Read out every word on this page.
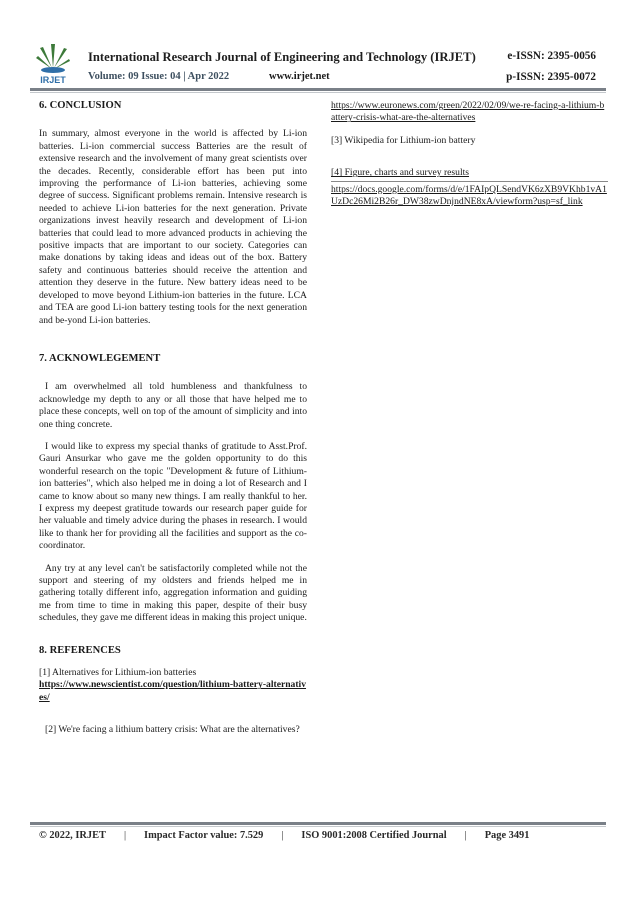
IRJET
International Research Journal of Engineering and Technology (IRJET)	e-ISSN: 2395-0056
Volume: 09 Issue: 04 | Apr 2022	www.irjet.net	p-ISSN: 2395-0072
6. CONCLUSION

In summary, almost everyone in the world is affected by Li-ion batteries. Li-ion commercial success Batteries are the result of extensive research and the involvement of many great scientists over the decades. Recently, considerable effort has been put into improving the performance of Li-ion batteries, achieving some degree of success. Significant problems remain. Intensive research is needed to achieve Li-ion batteries for the next generation. Private organizations invest heavily research and development of Li-ion batteries that could lead to more advanced products in achieving the positive impacts that are important to our society. Categories can make donations by taking ideas and ideas out of the box. Battery safety and continuous batteries should receive the attention and attention they deserve in the future. New battery ideas need to be developed to move beyond Lithium-ion batteries in the future. LCA and TEA are good Li-ion battery testing tools for the next generation and be-yond Li-ion batteries.

7. ACKNOWLEGEMENT

I am overwhelmed all told humbleness and thankfulness to acknowledge my depth to any or all those that have helped me to place these concepts, well on top of the amount of simplicity and into one thing concrete.

I would like to express my special thanks of gratitude to Asst.Prof. Gauri Ansurkar who gave me the golden opportunity to do this wonderful research on the topic "Development & future of Lithium-ion batteries", which also helped me in doing a lot of Research and I came to know about so many new things. I am really thankful to her. I express my deepest gratitude towards our research paper guide for her valuable and timely advice during the phases in research. I would like to thank her for providing all the facilities and support as the co-coordinator.

Any try at any level can't be satisfactorily completed while not the support and steering of my oldsters and friends helped me in gathering totally different info, aggregation information and guiding me from time to time in making this paper, despite of their busy schedules, they gave me different ideas in making this project unique.

8. REFERENCES

[1] Alternatives for Lithium-ion batteries

https://www.newscientist.com/question/lithium-battery-alternatives/

[2] We're facing a lithium battery crisis: What are the alternatives?

https://www.euronews.com/green/2022/02/09/we-re-facing-a-lithium-battery-crisis-what-are-the-alternatives

[3] Wikipedia for Lithium-ion battery

[4] Figure, charts and survey results

https://docs.google.com/forms/d/e/1FAIpQLSendVK6zXB9VKhb1vA1UzDc26Mi2B26r_DW38zwDnjndNE8xA/viewform?usp=sf_link

© 2022, IRJET | Impact Factor value: 7.529 | ISO 9001:2008 Certified Journal | Page 3491
